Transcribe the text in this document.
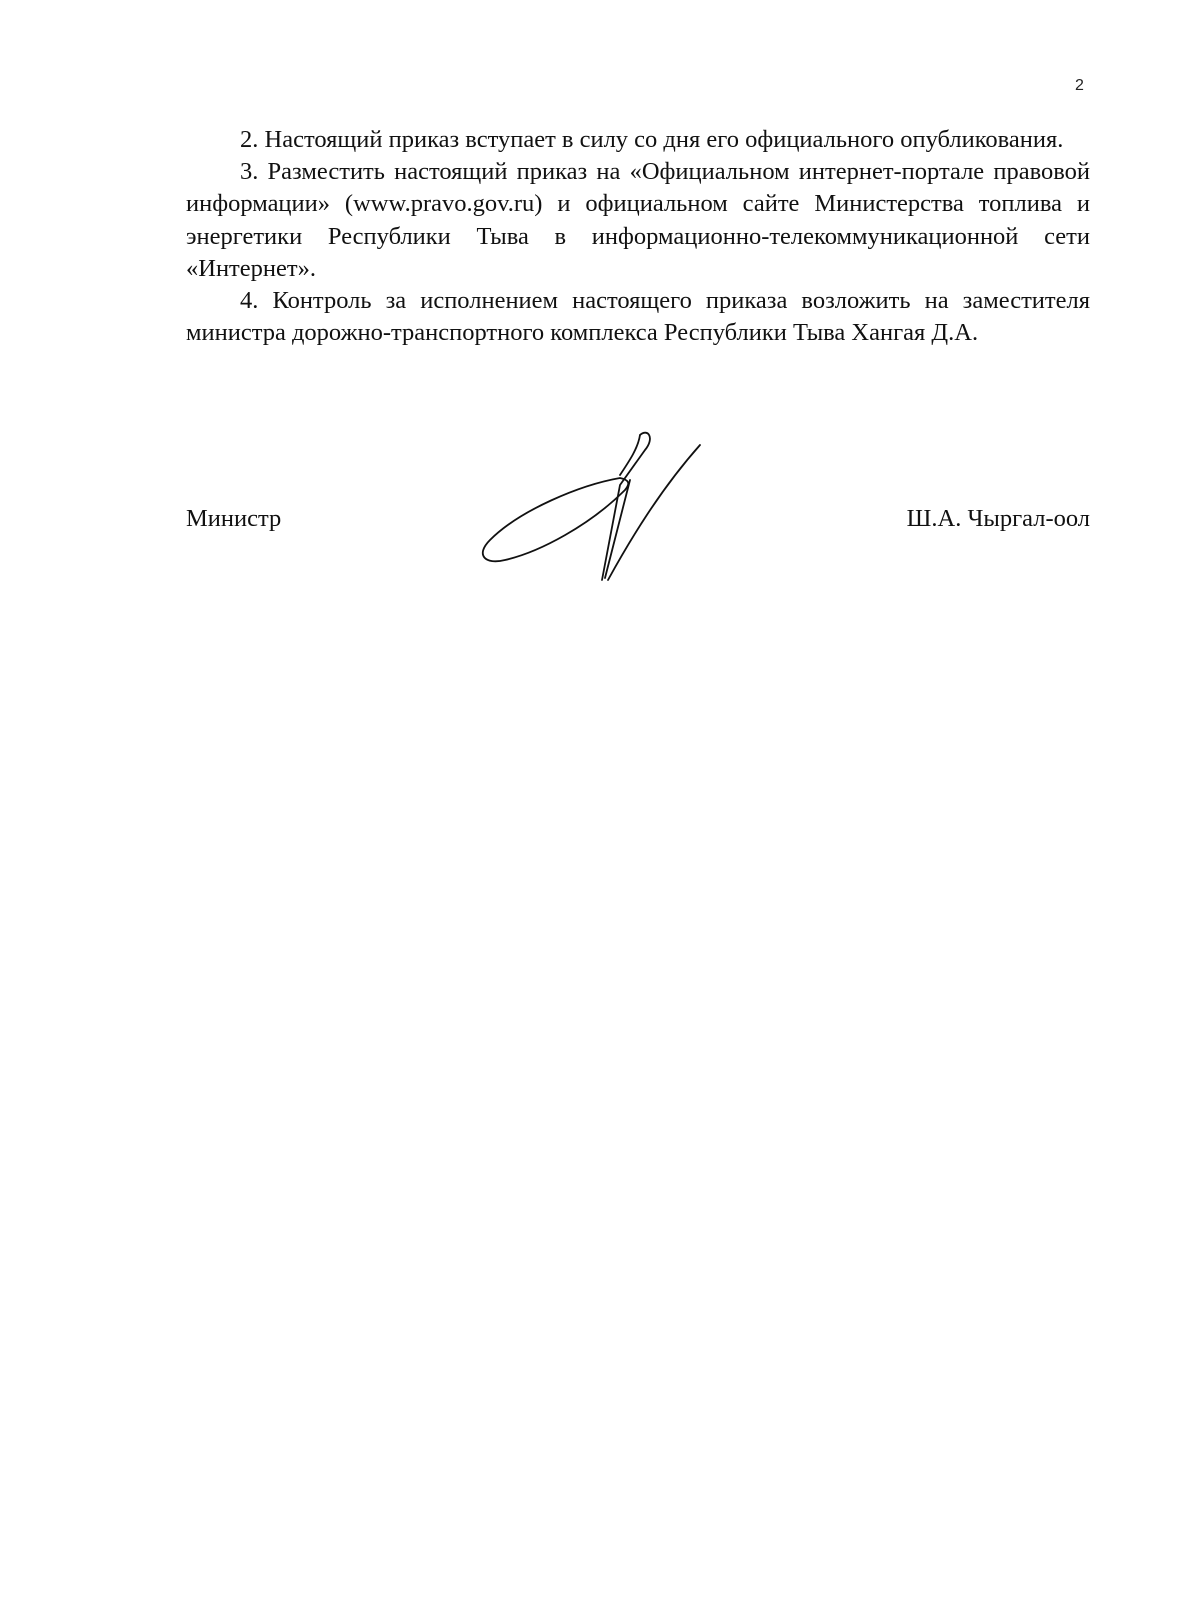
2

2. Настоящий приказ вступает в силу со дня его официального опубликования.

3. Разместить настоящий приказ на «Официальном интернет-портале правовой информации» (www.pravo.gov.ru) и официальном сайте Министерства топлива и энергетики Республики Тыва в информационно-телекоммуникационной сети «Интернет».

4. Контроль за исполнением настоящего приказа возложить на заместителя министра дорожно-транспортного комплекса Республики Тыва Хангая Д.А.

Министр	Ш.А. Чыргал-оол
